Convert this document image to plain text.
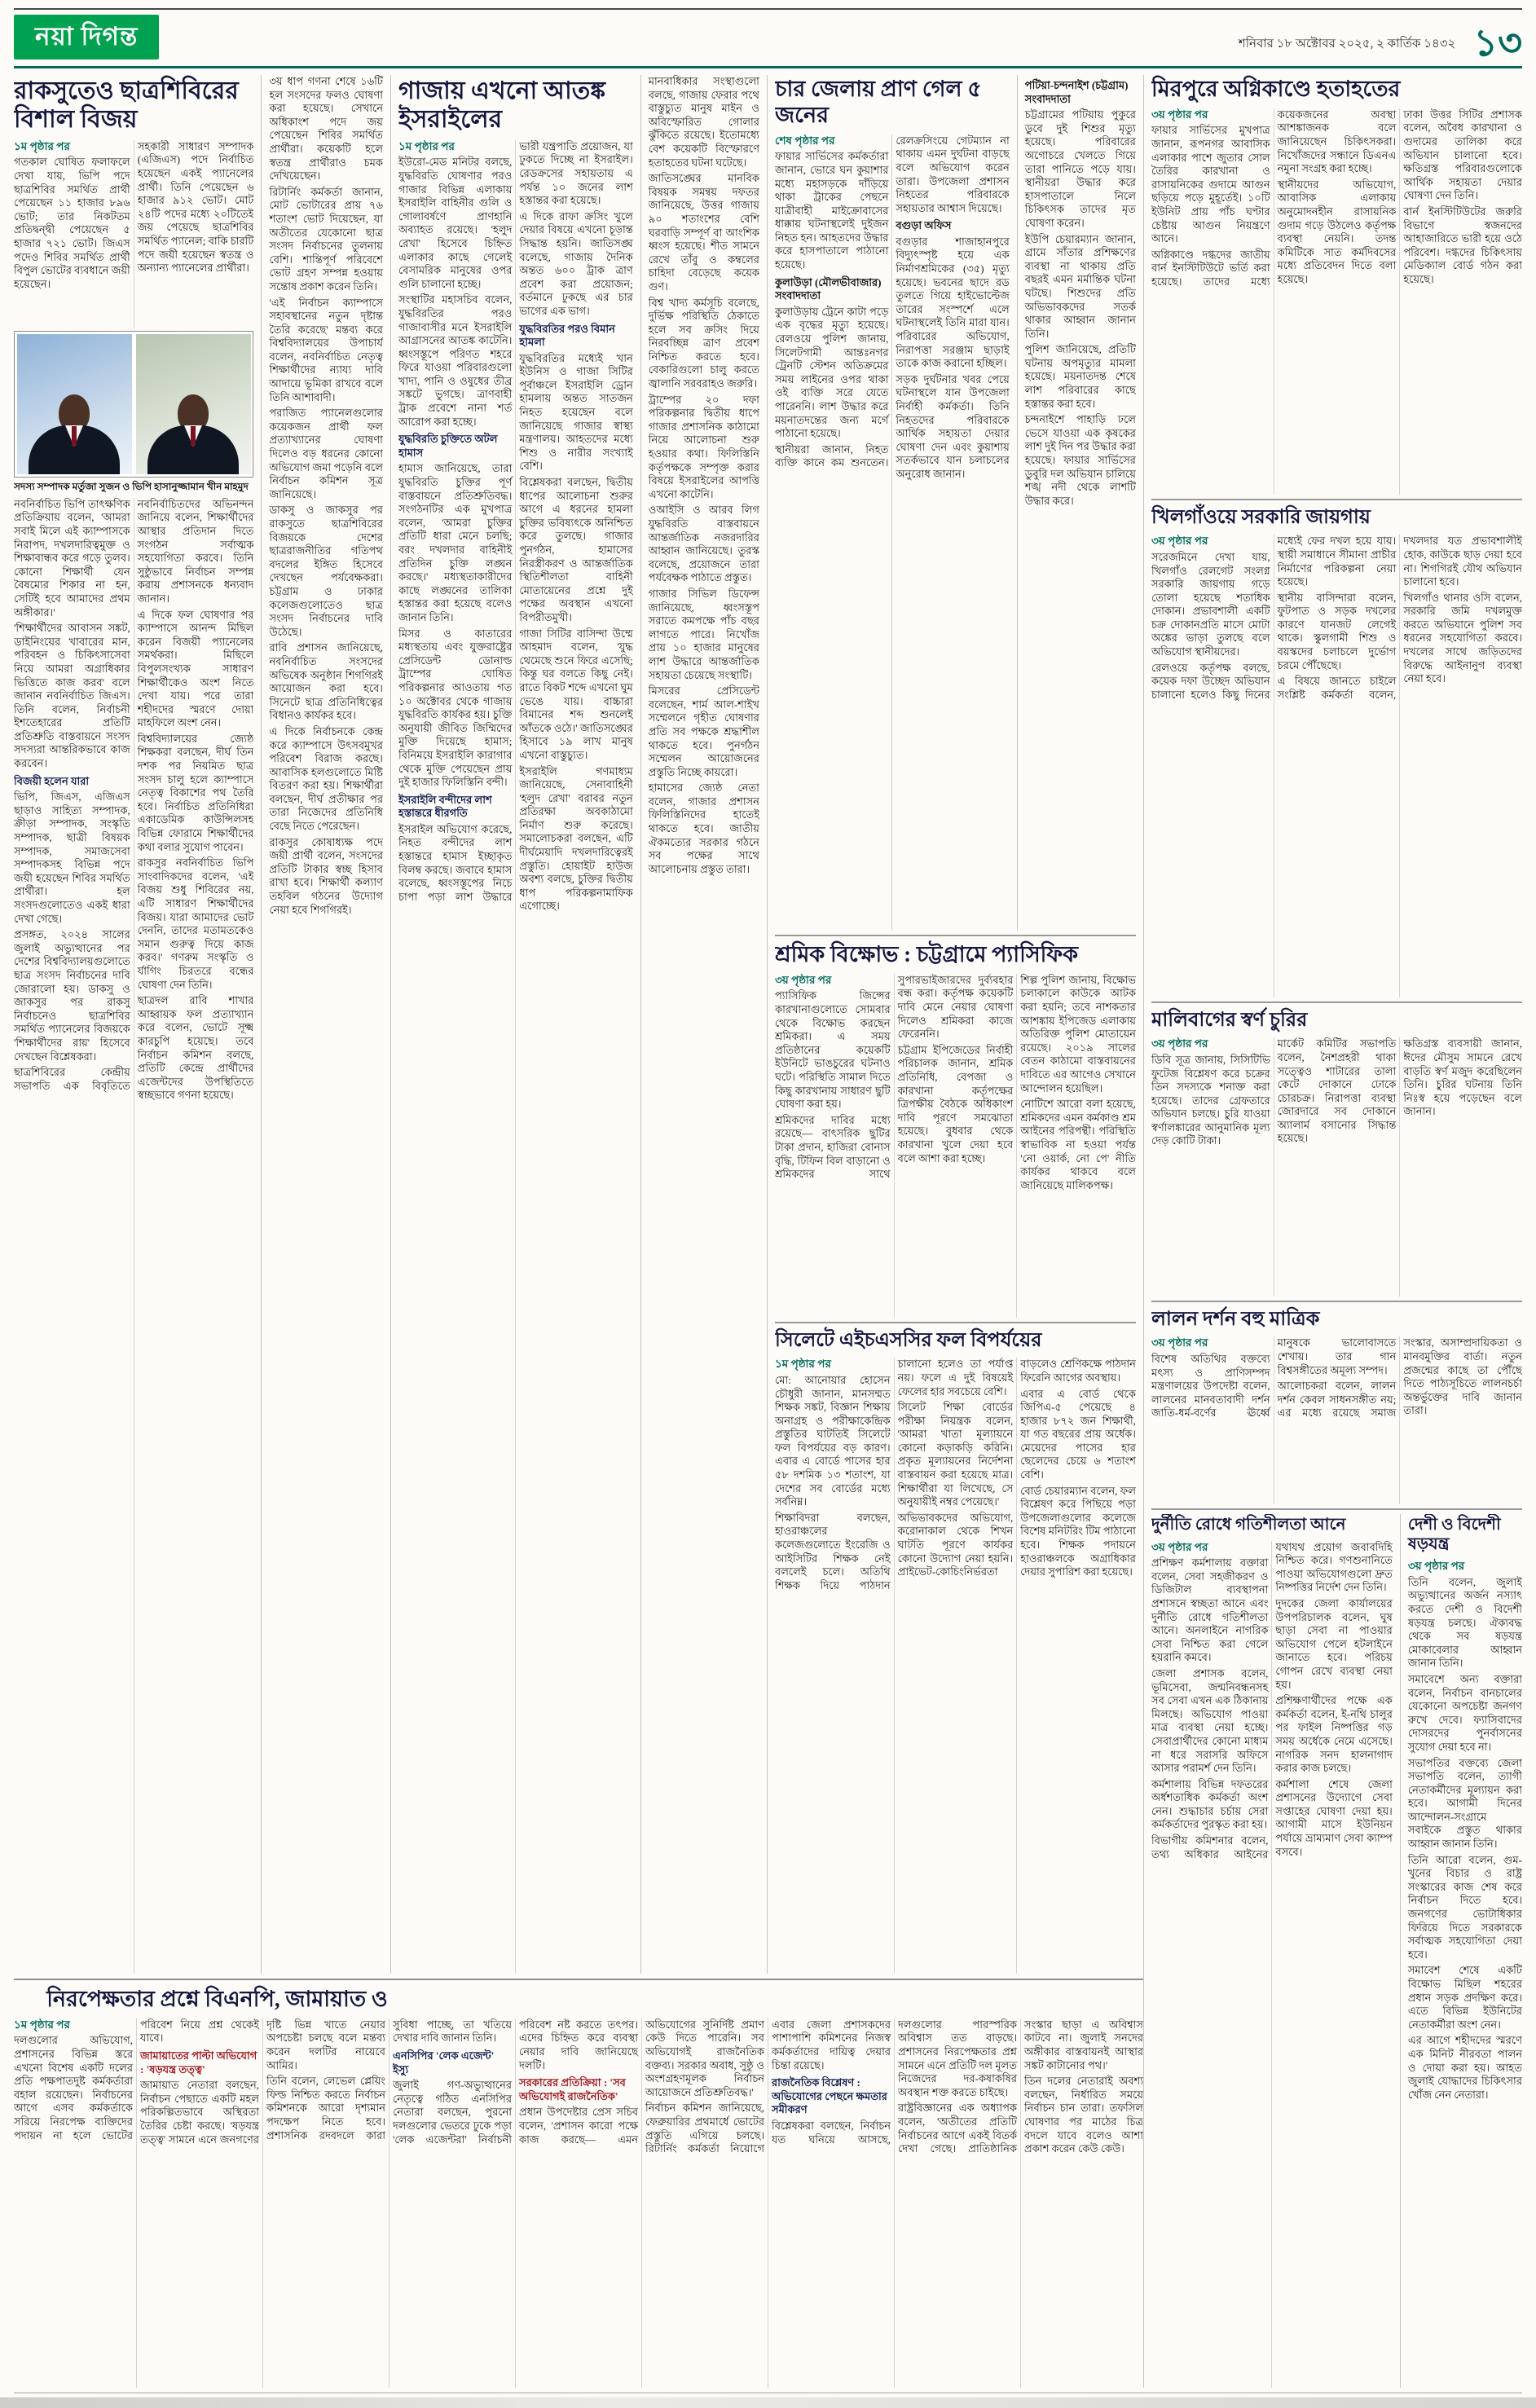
নয়া দিগন্ত	শনিবার ১৮ অক্টোবর ২০২৫, ২ কার্তিক ১৪৩২ ১৩
রাকসুতেও ছাত্রশিবিরের বিশাল বিজয়

১ম পৃষ্ঠার পর

গতকাল ঘোষিত ফলাফলে দেখা যায়, ভিপি পদে ছাত্রশিবির সমর্থিত প্রার্থী পেয়েছেন ১১ হাজার ৮৯৬ ভোট; তার নিকটতম প্রতিদ্বন্দ্বী পেয়েছেন ৫ হাজার ৭২১ ভোট। জিএস পদেও শিবির সমর্থিত প্রার্থী বিপুল ভোটের ব্যবধানে জয়ী হয়েছেন।

সহকারী সাধারণ সম্পাদক (এজিএস) পদে নির্বাচিত হয়েছেন একই প্যানেলের প্রার্থী। তিনি পেয়েছেন ৬ হাজার ৯১২ ভোট। মোট ২৪টি পদের মধ্যে ২০টিতেই জয় পেয়েছে ছাত্রশিবির সমর্থিত প্যানেল; বাকি চারটি পদে জয়ী হয়েছেন স্বতন্ত্র ও অন্যান্য প্যানেলের প্রার্থীরা।

সদস্য সম্পাদক মর্তুজা সুজন ও ভিপি হাসানুজ্জামান খীন মাহমুদ

নবনির্বাচিত ভিপি তাৎক্ষণিক প্রতিক্রিয়ায় বলেন, 'আমরা সবাই মিলে এই ক্যাম্পাসকে নিরাপদ, দখলদারিত্বমুক্ত ও শিক্ষাবান্ধব করে গড়ে তুলব। কোনো শিক্ষার্থী যেন বৈষম্যের শিকার না হন, সেটিই হবে আমাদের প্রথম অঙ্গীকার।'

'শিক্ষার্থীদের আবাসন সঙ্কট, ডাইনিংয়ের খাবারের মান, পরিবহন ও চিকিৎসাসেবা নিয়ে আমরা অগ্রাধিকার ভিত্তিতে কাজ করব' বলে জানান নবনির্বাচিত জিএস। তিনি বলেন, নির্বাচনী ইশতেহারের প্রতিটি প্রতিশ্রুতি বাস্তবায়নে সংসদ সদস্যরা আন্তরিকভাবে কাজ করবেন।

বিজয়ী হলেন যারা

ভিপি, জিএস, এজিএস ছাড়াও সাহিত্য সম্পাদক, ক্রীড়া সম্পাদক, সংস্কৃতি সম্পাদক, ছাত্রী বিষয়ক সম্পাদক, সমাজসেবা সম্পাদকসহ বিভিন্ন পদে জয়ী হয়েছেন শিবির সমর্থিত প্রার্থীরা। হল সংসদগুলোতেও একই ধারা দেখা গেছে।

প্রসঙ্গত, ২০২৪ সালের জুলাই অভ্যুত্থানের পর দেশের বিশ্ববিদ্যালয়গুলোতে ছাত্র সংসদ নির্বাচনের দাবি জোরালো হয়। ডাকসু ও জাকসুর পর রাকসু নির্বাচনেও ছাত্রশিবির সমর্থিত প্যানেলের বিজয়কে 'শিক্ষার্থীদের রায়' হিসেবে দেখছেন বিশ্লেষকরা।

ছাত্রশিবিরের কেন্দ্রীয় সভাপতি এক বিবৃতিতে নবনির্বাচিতদের অভিনন্দন জানিয়ে বলেন, শিক্ষার্থীদের আস্থার প্রতিদান দিতে সংগঠন সর্বাত্মক সহযোগিতা করবে। তিনি সুষ্ঠুভাবে নির্বাচন সম্পন্ন করায় প্রশাসনকে ধন্যবাদ জানান।

এ দিকে ফল ঘোষণার পর ক্যাম্পাসে আনন্দ মিছিল করেন বিজয়ী প্যানেলের সমর্থকরা। মিছিলে বিপুলসংখ্যক সাধারণ শিক্ষার্থীকেও অংশ নিতে দেখা যায়। পরে তারা শহীদদের স্মরণে দোয়া মাহফিলে অংশ নেন।

বিশ্ববিদ্যালয়ের জ্যেষ্ঠ শিক্ষকরা বলছেন, দীর্ঘ তিন দশক পর নিয়মিত ছাত্র সংসদ চালু হলে ক্যাম্পাসে নেতৃত্ব বিকাশের পথ তৈরি হবে। নির্বাচিত প্রতিনিধিরা একাডেমিক কাউন্সিলসহ বিভিন্ন ফোরামে শিক্ষার্থীদের কথা বলার সুযোগ পাবেন।

রাকসুর নবনির্বাচিত ভিপি সাংবাদিকদের বলেন, 'এই বিজয় শুধু শিবিরের নয়, এটি সাধারণ শিক্ষার্থীদের বিজয়। যারা আমাদের ভোট দেননি, তাদের মতামতকেও সমান গুরুত্ব দিয়ে কাজ করব।' গণরুম সংস্কৃতি ও র্যাগিং চিরতরে বন্ধের ঘোষণা দেন তিনি।

ছাত্রদল রাবি শাখার আহ্বায়ক ফল প্রত্যাখ্যান করে বলেন, ভোটে সূক্ষ্ম কারচুপি হয়েছে। তবে নির্বাচন কমিশন বলছে, প্রতিটি কেন্দ্রে প্রার্থীদের এজেন্টদের উপস্থিতিতে স্বচ্ছভাবে গণনা হয়েছে।

৩য় ধাপ গণনা শেষে ১৬টি হল সংসদের ফলও ঘোষণা করা হয়েছে। সেখানে অধিকাংশ পদে জয় পেয়েছেন শিবির সমর্থিত প্রার্থীরা। কয়েকটি হলে স্বতন্ত্র প্রার্থীরাও চমক দেখিয়েছেন।

রিটার্নিং কর্মকর্তা জানান, মোট ভোটারের প্রায় ৭৬ শতাংশ ভোট দিয়েছেন, যা অতীতের যেকোনো ছাত্র সংসদ নির্বাচনের তুলনায় বেশি। শান্তিপূর্ণ পরিবেশে ভোট গ্রহণ সম্পন্ন হওয়ায় সন্তোষ প্রকাশ করেন তিনি।

'এই নির্বাচন ক্যাম্পাসে সহাবস্থানের নতুন দৃষ্টান্ত তৈরি করেছে' মন্তব্য করে বিশ্ববিদ্যালয়ের উপাচার্য বলেন, নবনির্বাচিত নেতৃত্ব শিক্ষার্থীদের ন্যায্য দাবি আদায়ে ভূমিকা রাখবে বলে তিনি আশাবাদী।

পরাজিত প্যানেলগুলোর কয়েকজন প্রার্থী ফল প্রত্যাখ্যানের ঘোষণা দিলেও বড় ধরনের কোনো অভিযোগ জমা পড়েনি বলে নির্বাচন কমিশন সূত্র জানিয়েছে।

ডাকসু ও জাকসুর পর রাকসুতে ছাত্রশিবিরের বিজয়কে দেশের ছাত্ররাজনীতির গতিপথ বদলের ইঙ্গিত হিসেবে দেখছেন পর্যবেক্ষকরা। চট্টগ্রাম ও ঢাকার কলেজগুলোতেও ছাত্র সংসদ নির্বাচনের দাবি উঠেছে।

রাবি প্রশাসন জানিয়েছে, নবনির্বাচিত সংসদের অভিষেক অনুষ্ঠান শিগগিরই আয়োজন করা হবে। সিনেটে ছাত্র প্রতিনিধিত্বের বিধানও কার্যকর হবে।

এ দিকে নির্বাচনকে কেন্দ্র করে ক্যাম্পাসে উৎসবমুখর পরিবেশ বিরাজ করছে। আবাসিক হলগুলোতে মিষ্টি বিতরণ করা হয়। শিক্ষার্থীরা বলছেন, দীর্ঘ প্রতীক্ষার পর তারা নিজেদের প্রতিনিধি বেছে নিতে পেরেছেন।

রাকসুর কোষাধ্যক্ষ পদে জয়ী প্রার্থী বলেন, সংসদের প্রতিটি টাকার স্বচ্ছ হিসাব রাখা হবে। শিক্ষার্থী কল্যাণ তহবিল গঠনের উদ্যোগ নেয়া হবে শিগগিরই।

গাজায় এখনো আতঙ্ক ইসরাইলের

১ম পৃষ্ঠার পর

ইউরো-মেড মনিটর বলছে, যুদ্ধবিরতি ঘোষণার পরও গাজার বিভিন্ন এলাকায় ইসরাইলি বাহিনীর গুলি ও গোলাবর্ষণে প্রাণহানি অব্যাহত রয়েছে। 'হলুদ রেখা' হিসেবে চিহ্নিত এলাকার কাছে গেলেই বেসামরিক মানুষের ওপর গুলি চালানো হচ্ছে।

সংস্থাটির মহাসচিব বলেন, যুদ্ধবিরতির পরও গাজাবাসীর মনে ইসরাইলি আগ্রাসনের আতঙ্ক কাটেনি। ধ্বংসস্তূপে পরিণত শহরে ফিরে যাওয়া পরিবারগুলো খাদ্য, পানি ও ওষুধের তীব্র সঙ্কটে ভুগছে। ত্রাণবাহী ট্রাক প্রবেশে নানা শর্ত আরোপ করা হচ্ছে।

যুদ্ধবিরতি চুক্তিতে অটল হামাস

হামাস জানিয়েছে, তারা যুদ্ধবিরতি চুক্তির পূর্ণ বাস্তবায়নে প্রতিশ্রুতিবদ্ধ। সংগঠনটির এক মুখপাত্র বলেন, 'আমরা চুক্তির প্রতিটি ধারা মেনে চলছি; বরং দখলদার বাহিনীই প্রতিদিন চুক্তি লঙ্ঘন করছে।' মধ্যস্থতাকারীদের কাছে লঙ্ঘনের তালিকা হস্তান্তর করা হয়েছে বলেও জানান তিনি।

মিসর ও কাতারের মধ্যস্থতায় এবং যুক্তরাষ্ট্রের প্রেসিডেন্ট ডোনাল্ড ট্রাম্পের ঘোষিত পরিকল্পনার আওতায় গত ১০ অক্টোবর থেকে গাজায় যুদ্ধবিরতি কার্যকর হয়। চুক্তি অনুযায়ী জীবিত জিম্মিদের মুক্তি দিয়েছে হামাস; বিনিময়ে ইসরাইলি কারাগার থেকে মুক্তি পেয়েছেন প্রায় দুই হাজার ফিলিস্তিনি বন্দী।

ইসরাইলি বন্দীদের লাশ হস্তান্তরে ধীরগতি

ইসরাইল অভিযোগ করেছে, নিহত বন্দীদের লাশ হস্তান্তরে হামাস ইচ্ছাকৃত বিলম্ব করছে। জবাবে হামাস বলেছে, ধ্বংসস্তূপের নিচে চাপা পড়া লাশ উদ্ধারে ভারী যন্ত্রপাতি প্রয়োজন, যা ঢুকতে দিচ্ছে না ইসরাইল। রেডক্রসের সহায়তায় এ পর্যন্ত ১০ জনের লাশ হস্তান্তর করা হয়েছে।

এ দিকে রাফা ক্রসিং খুলে দেয়ার বিষয়ে এখনো চূড়ান্ত সিদ্ধান্ত হয়নি। জাতিসঙ্ঘ বলেছে, গাজায় দৈনিক অন্তত ৬০০ ট্রাক ত্রাণ প্রবেশ করা প্রয়োজন; বর্তমানে ঢুকছে এর চার ভাগের এক ভাগ।

যুদ্ধবিরতির পরও বিমান হামলা

যুদ্ধবিরতির মধ্যেই খান ইউনিস ও গাজা সিটির পূর্বাঞ্চলে ইসরাইলি ড্রোন হামলায় অন্তত সাতজন নিহত হয়েছেন বলে জানিয়েছে গাজার স্বাস্থ্য মন্ত্রণালয়। আহতদের মধ্যে শিশু ও নারীর সংখ্যাই বেশি।

বিশ্লেষকরা বলছেন, দ্বিতীয় ধাপের আলোচনা শুরুর আগে এ ধরনের হামলা চুক্তির ভবিষ্যৎকে অনিশ্চিত করে তুলছে। গাজার পুনর্গঠন, হামাসের নিরস্ত্রীকরণ ও আন্তর্জাতিক স্থিতিশীলতা বাহিনী মোতায়েনের প্রশ্নে দুই পক্ষের অবস্থান এখনো বিপরীতমুখী।

গাজা সিটির বাসিন্দা উম্মে আহমাদ বলেন, 'যুদ্ধ থেমেছে শুনে ফিরে এসেছি; কিন্তু ঘর বলতে কিছু নেই। রাতে বিকট শব্দে এখনো ঘুম ভেঙে যায়। বাচ্চারা বিমানের শব্দ শুনলেই আঁতকে ওঠে।' জাতিসঙ্ঘের হিসাবে ১৯ লাখ মানুষ এখনো বাস্তুচ্যুত।

ইসরাইলি গণমাধ্যম জানিয়েছে, সেনাবাহিনী 'হলুদ রেখা' বরাবর নতুন প্রতিরক্ষা অবকাঠামো নির্মাণ শুরু করেছে। সমালোচকরা বলছেন, এটি দীর্ঘমেয়াদি দখলদারিত্বেরই প্রস্তুতি। হোয়াইট হাউজ অবশ্য বলছে, চুক্তির দ্বিতীয় ধাপ পরিকল্পনামাফিক এগোচ্ছে।

মানবাধিকার সংস্থাগুলো বলছে, গাজায় ফেরার পথে বাস্তুচ্যুত মানুষ মাইন ও অবিস্ফোরিত গোলার ঝুঁকিতে রয়েছে। ইতোমধ্যে বেশ কয়েকটি বিস্ফোরণে হতাহতের ঘটনা ঘটেছে।

জাতিসঙ্ঘের মানবিক বিষয়ক সমন্বয় দফতর জানিয়েছে, উত্তর গাজায় ৯০ শতাংশের বেশি ঘরবাড়ি সম্পূর্ণ বা আংশিক ধ্বংস হয়েছে। শীত সামনে রেখে তাঁবু ও কম্বলের চাহিদা বেড়েছে কয়েক গুণ।

বিশ্ব খাদ্য কর্মসূচি বলেছে, দুর্ভিক্ষ পরিস্থিতি ঠেকাতে হলে সব ক্রসিং দিয়ে নিরবচ্ছিন্ন ত্রাণ প্রবেশ নিশ্চিত করতে হবে। বেকারিগুলো চালু করতে জ্বালানি সরবরাহও জরুরি।

ট্রাম্পের ২০ দফা পরিকল্পনার দ্বিতীয় ধাপে গাজার প্রশাসনিক কাঠামো নিয়ে আলোচনা শুরু হওয়ার কথা। ফিলিস্তিনি কর্তৃপক্ষকে সম্পৃক্ত করার বিষয়ে ইসরাইলের আপত্তি এখনো কাটেনি।

ওআইসি ও আরব লিগ যুদ্ধবিরতি বাস্তবায়নে আন্তর্জাতিক নজরদারির আহ্বান জানিয়েছে। তুরস্ক বলেছে, প্রয়োজনে তারা পর্যবেক্ষক পাঠাতে প্রস্তুত।

গাজার সিভিল ডিফেন্স জানিয়েছে, ধ্বংসস্তূপ সরাতে কমপক্ষে পাঁচ বছর লাগতে পারে। নিখোঁজ প্রায় ১০ হাজার মানুষের লাশ উদ্ধারে আন্তর্জাতিক সহায়তা চেয়েছে সংস্থাটি।

মিসরের প্রেসিডেন্ট বলেছেন, শার্ম আল-শাইখ সম্মেলনে গৃহীত ঘোষণার প্রতি সব পক্ষকে শ্রদ্ধাশীল থাকতে হবে। পুনর্গঠন সম্মেলন আয়োজনের প্রস্তুতি নিচ্ছে কায়রো।

হামাসের জ্যেষ্ঠ নেতা বলেন, গাজার প্রশাসন ফিলিস্তিনিদের হাতেই থাকতে হবে। জাতীয় ঐকমত্যের সরকার গঠনে সব পক্ষের সাথে আলোচনায় প্রস্তুত তারা।

চার জেলায় প্রাণ গেল ৫ জনের

শেষ পৃষ্ঠার পর

ফায়ার সার্ভিসের কর্মকর্তারা জানান, ভোরে ঘন কুয়াশার মধ্যে মহাসড়কে দাঁড়িয়ে থাকা ট্রাকের পেছনে যাত্রীবাহী মাইক্রোবাসের ধাক্কায় ঘটনাস্থলেই দুইজন নিহত হন। আহতদের উদ্ধার করে হাসপাতালে পাঠানো হয়েছে।

কুলাউড়া (মৌলভীবাজার) সংবাদদাতা

কুলাউড়ায় ট্রেনে কাটা পড়ে এক বৃদ্ধের মৃত্যু হয়েছে। রেলওয়ে পুলিশ জানায়, সিলেটগামী আন্তঃনগর ট্রেনটি স্টেশন অতিক্রমের সময় লাইনের ওপর থাকা ওই ব্যক্তি সরে যেতে পারেননি। লাশ উদ্ধার করে ময়নাতদন্তের জন্য মর্গে পাঠানো হয়েছে।

স্থানীয়রা জানান, নিহত ব্যক্তি কানে কম শুনতেন। রেলক্রসিংয়ে গেটম্যান না থাকায় এমন দুর্ঘটনা বাড়ছে বলে অভিযোগ করেন তারা। উপজেলা প্রশাসন নিহতের পরিবারকে সহায়তার আশ্বাস দিয়েছে।

বগুড়া অফিস

বগুড়ার শাজাহানপুরে বিদ্যুৎস্পৃষ্ট হয়ে এক নির্মাণশ্রমিকের (৩৫) মৃত্যু হয়েছে। ভবনের ছাদে রড তুলতে গিয়ে হাইভোল্টেজ তারের সংস্পর্শে এলে ঘটনাস্থলেই তিনি মারা যান। পরিবারের অভিযোগ, নিরাপত্তা সরঞ্জাম ছাড়াই তাকে কাজ করানো হচ্ছিল।

সড়ক দুর্ঘটনার খবর পেয়ে ঘটনাস্থলে যান উপজেলা নির্বাহী কর্মকর্তা। তিনি নিহতদের পরিবারকে আর্থিক সহায়তা দেয়ার ঘোষণা দেন এবং কুয়াশায় সতর্কভাবে যান চলাচলের অনুরোধ জানান।

পটিয়া-চন্দনাইশ (চট্টগ্রাম) সংবাদদাতা

চট্টগ্রামের পটিয়ায় পুকুরে ডুবে দুই শিশুর মৃত্যু হয়েছে। পরিবারের অগোচরে খেলতে গিয়ে তারা পানিতে পড়ে যায়। স্থানীয়রা উদ্ধার করে হাসপাতালে নিলে চিকিৎসক তাদের মৃত ঘোষণা করেন।

ইউপি চেয়ারম্যান জানান, গ্রামে সাঁতার প্রশিক্ষণের ব্যবস্থা না থাকায় প্রতি বছরই এমন মর্মান্তিক ঘটনা ঘটছে। শিশুদের প্রতি অভিভাবকদের সতর্ক থাকার আহ্বান জানান তিনি।

পুলিশ জানিয়েছে, প্রতিটি ঘটনায় অপমৃত্যুর মামলা হয়েছে। ময়নাতদন্ত শেষে লাশ পরিবারের কাছে হস্তান্তর করা হবে।

চন্দনাইশে পাহাড়ি ঢলে ভেসে যাওয়া এক কৃষকের লাশ দুই দিন পর উদ্ধার করা হয়েছে। ফায়ার সার্ভিসের ডুবুরি দল অভিযান চালিয়ে শঙ্খ নদী থেকে লাশটি উদ্ধার করে।

শ্রমিক বিক্ষোভ : চট্টগ্রামে প্যাসিফিক

৩য় পৃষ্ঠার পর

প্যাসিফিক জিন্সের কারখানাগুলোতে সোমবার থেকে বিক্ষোভ করছেন শ্রমিকরা। এ সময় প্রতিষ্ঠানের কয়েকটি ইউনিটে ভাঙচুরের ঘটনাও ঘটে। পরিস্থিতি সামাল দিতে কিছু কারখানায় সাধারণ ছুটি ঘোষণা করা হয়।

শ্রমিকদের দাবির মধ্যে রয়েছে— বাৎসরিক ছুটির টাকা প্রদান, হাজিরা বোনাস বৃদ্ধি, টিফিন বিল বাড়ানো ও শ্রমিকদের সাথে সুপারভাইজারদের দুর্ব্যবহার বন্ধ করা। কর্তৃপক্ষ কয়েকটি দাবি মেনে নেয়ার ঘোষণা দিলেও শ্রমিকরা কাজে ফেরেননি।

চট্টগ্রাম ইপিজেডের নির্বাহী পরিচালক জানান, শ্রমিক প্রতিনিধি, বেপজা ও কারখানা কর্তৃপক্ষের ত্রিপক্ষীয় বৈঠকে অধিকাংশ দাবি পূরণে সমঝোতা হয়েছে। বুধবার থেকে কারখানা খুলে দেয়া হবে বলে আশা করা হচ্ছে।

শিল্প পুলিশ জানায়, বিক্ষোভ চলাকালে কাউকে আটক করা হয়নি; তবে নাশকতার আশঙ্কায় ইপিজেড এলাকায় অতিরিক্ত পুলিশ মোতায়েন রয়েছে। ২০১৯ সালের বেতন কাঠামো বাস্তবায়নের দাবিতে এর আগেও সেখানে আন্দোলন হয়েছিল।

নোটিশে আরো বলা হয়েছে, শ্রমিকদের এমন কর্মকাণ্ড শ্রম আইনের পরিপন্থী। পরিস্থিতি স্বাভাবিক না হওয়া পর্যন্ত 'নো ওয়ার্ক, নো পে' নীতি কার্যকর থাকবে বলে জানিয়েছে মালিকপক্ষ।

সিলেটে এইচএসসির ফল বিপর্যয়ের

১ম পৃষ্ঠার পর

মো: আনোয়ার হোসেন চৌধুরী জানান, মানসম্মত শিক্ষক সঙ্কট, বিজ্ঞান শিক্ষায় অনাগ্রহ ও পরীক্ষাকেন্দ্রিক প্রস্তুতির ঘাটতিই সিলেটে ফল বিপর্যয়ের বড় কারণ। এবার এ বোর্ডে পাসের হার ৫৮ দশমিক ১৩ শতাংশ, যা দেশের সব বোর্ডের মধ্যে সর্বনিম্ন।

শিক্ষাবিদরা বলছেন, হাওরাঞ্চলের কলেজগুলোতে ইংরেজি ও আইসিটির শিক্ষক নেই বললেই চলে। অতিথি শিক্ষক দিয়ে পাঠদান চালানো হলেও তা পর্যাপ্ত নয়। ফলে এ দুই বিষয়েই ফেলের হার সবচেয়ে বেশি।

সিলেট শিক্ষা বোর্ডের পরীক্ষা নিয়ন্ত্রক বলেন, 'আমরা খাতা মূল্যায়নে কোনো কড়াকড়ি করিনি। প্রকৃত মূল্যায়নের নির্দেশনা বাস্তবায়ন করা হয়েছে মাত্র। শিক্ষার্থীরা যা লিখেছে, সে অনুযায়ীই নম্বর পেয়েছে।'

অভিভাবকদের অভিযোগ, করোনাকাল থেকে শিখন ঘাটতি পূরণে কার্যকর কোনো উদ্যোগ নেয়া হয়নি। প্রাইভেট-কোচিংনির্ভরতা বাড়লেও শ্রেণিকক্ষে পাঠদান ফিরেনি আগের অবস্থায়।

এবার এ বোর্ড থেকে জিপিএ-৫ পেয়েছে ৪ হাজার ৮৭২ জন শিক্ষার্থী, যা গত বছরের প্রায় অর্ধেক। মেয়েদের পাসের হার ছেলেদের চেয়ে ৬ শতাংশ বেশি।

বোর্ড চেয়ারম্যান বলেন, ফল বিশ্লেষণ করে পিছিয়ে পড়া উপজেলাগুলোর কলেজে বিশেষ মনিটরিং টিম পাঠানো হবে। শিক্ষক পদায়নে হাওরাঞ্চলকে অগ্রাধিকার দেয়ার সুপারিশ করা হয়েছে।

নিরপেক্ষতার প্রশ্নে বিএনপি, জামায়াত ও

১ম পৃষ্ঠার পর

দলগুলোর অভিযোগ, প্রশাসনের বিভিন্ন স্তরে এখনো বিশেষ একটি দলের প্রতি পক্ষপাতদুষ্ট কর্মকর্তারা বহাল রয়েছেন। নির্বাচনের আগে এসব কর্মকর্তাকে সরিয়ে নিরপেক্ষ ব্যক্তিদের পদায়ন না হলে ভোটের পরিবেশ নিয়ে প্রশ্ন থেকেই যাবে।

জামায়াতের পাল্টা অভিযোগ : 'ষড়যন্ত্র তত্ত্ব'

জামায়াত নেতারা বলছেন, নির্বাচন পেছাতে একটি মহল পরিকল্পিতভাবে অস্থিরতা তৈরির চেষ্টা করছে। 'ষড়যন্ত্র তত্ত্ব' সামনে এনে জনগণের দৃষ্টি ভিন্ন খাতে নেয়ার অপচেষ্টা চলছে বলে মন্তব্য করেন দলটির নায়েবে আমির।

তিনি বলেন, লেভেল প্লেয়িং ফিল্ড নিশ্চিত করতে নির্বাচন কমিশনকে আরো দৃশ্যমান পদক্ষেপ নিতে হবে। প্রশাসনিক রদবদলে কারা সুবিধা পাচ্ছে, তা খতিয়ে দেখার দাবি জানান তিনি।

এনসিপির 'লেক এজেন্ট' ইস্যু

জুলাই গণ-অভ্যুত্থানের নেতৃত্বে গঠিত এনসিপির নেতারা বলছেন, পুরনো দলগুলোর ভেতরে ঢুকে পড়া 'লেক এজেন্টরা' নির্বাচনী পরিবেশ নষ্ট করতে তৎপর। এদের চিহ্নিত করে ব্যবস্থা নেয়ার দাবি জানিয়েছে দলটি।

সরকারের প্রতিক্রিয়া : 'সব অভিযোগই রাজনৈতিক'

প্রধান উপদেষ্টার প্রেস সচিব বলেন, 'প্রশাসন কারো পক্ষে কাজ করছে— এমন অভিযোগের সুনির্দিষ্ট প্রমাণ কেউ দিতে পারেনি। সব অভিযোগই রাজনৈতিক বক্তব্য। সরকার অবাধ, সুষ্ঠু ও অংশগ্রহণমূলক নির্বাচন আয়োজনে প্রতিশ্রুতিবদ্ধ।'

নির্বাচন কমিশন জানিয়েছে, ফেব্রুয়ারির প্রথমার্ধে ভোটের প্রস্তুতি এগিয়ে চলছে। রিটার্নিং কর্মকর্তা নিয়োগে এবার জেলা প্রশাসকদের পাশাপাশি কমিশনের নিজস্ব কর্মকর্তাদের দায়িত্ব দেয়ার চিন্তা রয়েছে।

রাজনৈতিক বিশ্লেষণ : অভিযোগের পেছনে ক্ষমতার সমীকরণ

বিশ্লেষকরা বলছেন, নির্বাচন যত ঘনিয়ে আসছে, দলগুলোর পারস্পরিক অবিশ্বাস তত বাড়ছে। প্রশাসনের নিরপেক্ষতার প্রশ্ন সামনে এনে প্রতিটি দল মূলত নিজেদের দর-কষাকষির অবস্থান শক্ত করতে চাইছে।

রাষ্ট্রবিজ্ঞানের এক অধ্যাপক বলেন, 'অতীতের প্রতিটি নির্বাচনের আগে একই বিতর্ক দেখা গেছে। প্রাতিষ্ঠানিক সংস্কার ছাড়া এ অবিশ্বাস কাটবে না। জুলাই সনদের অঙ্গীকার বাস্তবায়নই আস্থার সঙ্কট কাটানোর পথ।'

তিন দলের নেতারাই অবশ্য বলছেন, নির্ধারিত সময়ে নির্বাচন চান তারা। তফসিল ঘোষণার পর মাঠের চিত্র বদলে যাবে বলেও আশা প্রকাশ করেন কেউ কেউ।

মিরপুরে অগ্নিকাণ্ডে হতাহতের

৩য় পৃষ্ঠার পর

ফায়ার সার্ভিসের মুখপাত্র জানান, রূপনগর আবাসিক এলাকার পাশে জুতার সোল তৈরির কারখানা ও রাসায়নিকের গুদামে আগুন ছড়িয়ে পড়ে মুহূর্তেই। ১০টি ইউনিট প্রায় পাঁচ ঘণ্টার চেষ্টায় আগুন নিয়ন্ত্রণে আনে।

অগ্নিকাণ্ডে দগ্ধদের জাতীয় বার্ন ইনস্টিটিউটে ভর্তি করা হয়েছে। তাদের মধ্যে কয়েকজনের অবস্থা আশঙ্কাজনক বলে জানিয়েছেন চিকিৎসকরা। নিখোঁজদের সন্ধানে ডিএনএ নমুনা সংগ্রহ করা হচ্ছে।

স্থানীয়দের অভিযোগ, আবাসিক এলাকায় অনুমোদনহীন রাসায়নিক গুদাম গড়ে উঠলেও কর্তৃপক্ষ ব্যবস্থা নেয়নি। তদন্ত কমিটিকে সাত কর্মদিবসের মধ্যে প্রতিবেদন দিতে বলা হয়েছে।

ঢাকা উত্তর সিটির প্রশাসক বলেন, অবৈধ কারখানা ও গুদামের তালিকা করে অভিযান চালানো হবে। ক্ষতিগ্রস্ত পরিবারগুলোকে আর্থিক সহায়তা দেয়ার ঘোষণা দেন তিনি।

বার্ন ইনস্টিটিউটের জরুরি বিভাগে স্বজনদের আহাজারিতে ভারী হয়ে ওঠে পরিবেশ। দগ্ধদের চিকিৎসায় মেডিক্যাল বোর্ড গঠন করা হয়েছে।

খিলগাঁওয়ে সরকারি জায়গায়

৩য় পৃষ্ঠার পর

সরেজমিনে দেখা যায়, খিলগাঁও রেলগেট সংলগ্ন সরকারি জায়গায় গড়ে তোলা হয়েছে শতাধিক দোকান। প্রভাবশালী একটি চক্র দোকানপ্রতি মাসে মোটা অঙ্কের ভাড়া তুলছে বলে অভিযোগ স্থানীয়দের।

রেলওয়ে কর্তৃপক্ষ বলছে, কয়েক দফা উচ্ছেদ অভিযান চালানো হলেও কিছু দিনের মধ্যেই ফের দখল হয়ে যায়। স্থায়ী সমাধানে সীমানা প্রাচীর নির্মাণের পরিকল্পনা নেয়া হয়েছে।

স্থানীয় বাসিন্দারা বলেন, ফুটপাত ও সড়ক দখলের কারণে যানজট লেগেই থাকে। স্কুলগামী শিশু ও বয়স্কদের চলাচলে দুর্ভোগ চরমে পৌঁছেছে।

এ বিষয়ে জানতে চাইলে সংশ্লিষ্ট কর্মকর্তা বলেন, দখলদার যত প্রভাবশালীই হোক, কাউকে ছাড় দেয়া হবে না। শিগগিরই যৌথ অভিযান চালানো হবে।

খিলগাঁও থানার ওসি বলেন, সরকারি জমি দখলমুক্ত করতে অভিযানে পুলিশ সব ধরনের সহযোগিতা করবে। দখলের সাথে জড়িতদের বিরুদ্ধে আইনানুগ ব্যবস্থা নেয়া হবে।

মালিবাগের স্বর্ণ চুরির

৩য় পৃষ্ঠার পর

ডিবি সূত্র জানায়, সিসিটিভি ফুটেজ বিশ্লেষণ করে চক্রের তিন সদস্যকে শনাক্ত করা হয়েছে। তাদের গ্রেফতারে অভিযান চলছে। চুরি যাওয়া স্বর্ণালঙ্কারের আনুমানিক মূল্য দেড় কোটি টাকা।

মার্কেট কমিটির সভাপতি বলেন, নৈশপ্রহরী থাকা সত্ত্বেও শাটারের তালা কেটে দোকানে ঢোকে চোরচক্র। নিরাপত্তা ব্যবস্থা জোরদারে সব দোকানে অ্যালার্ম বসানোর সিদ্ধান্ত হয়েছে।

ক্ষতিগ্রস্ত ব্যবসায়ী জানান, ঈদের মৌসুম সামনে রেখে বাড়তি স্বর্ণ মজুদ করেছিলেন তিনি। চুরির ঘটনায় তিনি নিঃস্ব হয়ে পড়েছেন বলে জানান।

লালন দর্শন বহু মাত্রিক

৩য় পৃষ্ঠার পর

বিশেষ অতিথির বক্তব্যে মৎস্য ও প্রাণিসম্পদ মন্ত্রণালয়ের উপদেষ্টা বলেন, লালনের মানবতাবাদী দর্শন জাতি-ধর্ম-বর্ণের ঊর্ধ্বে মানুষকে ভালোবাসতে শেখায়। তার গান বিশ্বসঙ্গীতের অমূল্য সম্পদ।

আলোচকরা বলেন, লালন দর্শন কেবল সাধনসঙ্গীত নয়; এর মধ্যে রয়েছে সমাজ সংস্কার, অসাম্প্রদায়িকতা ও মানবমুক্তির বার্তা। নতুন প্রজন্মের কাছে তা পৌঁছে দিতে পাঠ্যসূচিতে লালনচর্চা অন্তর্ভুক্তের দাবি জানান তারা।

দুর্নীতি রোধে গতিশীলতা আনে

৩য় পৃষ্ঠার পর

প্রশিক্ষণ কর্মশালায় বক্তারা বলেন, সেবা সহজীকরণ ও ডিজিটাল ব্যবস্থাপনা প্রশাসনে স্বচ্ছতা আনে এবং দুর্নীতি রোধে গতিশীলতা আনে। অনলাইনে নাগরিক সেবা নিশ্চিত করা গেলে হয়রানি কমবে।

জেলা প্রশাসক বলেন, ভূমিসেবা, জন্মনিবন্ধনসহ সব সেবা এখন এক ঠিকানায় মিলছে। অভিযোগ পাওয়া মাত্র ব্যবস্থা নেয়া হচ্ছে। সেবাপ্রার্থীদের কোনো মাধ্যম না ধরে সরাসরি অফিসে আসার পরামর্শ দেন তিনি।

কর্মশালায় বিভিন্ন দফতরের অর্ধশতাধিক কর্মকর্তা অংশ নেন। শুদ্ধাচার চর্চায় সেরা কর্মকর্তাদের পুরস্কৃত করা হয়।

বিভাগীয় কমিশনার বলেন, তথ্য অধিকার আইনের যথাযথ প্রয়োগ জবাবদিহি নিশ্চিত করে। গণশুনানিতে পাওয়া অভিযোগগুলো দ্রুত নিষ্পত্তির নির্দেশ দেন তিনি।

দুদকের জেলা কার্যালয়ের উপপরিচালক বলেন, ঘুষ ছাড়া সেবা না পাওয়ার অভিযোগ পেলে হটলাইনে জানাতে হবে। পরিচয় গোপন রেখে ব্যবস্থা নেয়া হয়।

প্রশিক্ষণার্থীদের পক্ষে এক কর্মকর্তা বলেন, ই-নথি চালুর পর ফাইল নিষ্পত্তির গড় সময় অর্ধেকে নেমে এসেছে। নাগরিক সনদ হালনাগাদ করার কাজ চলছে।

কর্মশালা শেষে জেলা প্রশাসনের উদ্যোগে সেবা সপ্তাহের ঘোষণা দেয়া হয়। আগামী মাসে ইউনিয়ন পর্যায়ে ভ্রাম্যমাণ সেবা ক্যাম্প বসবে।

দেশী ও বিদেশী ষড়যন্ত্র

৩য় পৃষ্ঠার পর

তিনি বলেন, জুলাই অভ্যুত্থানের অর্জন নস্যাৎ করতে দেশী ও বিদেশী ষড়যন্ত্র চলছে। ঐক্যবদ্ধ থেকে সব ষড়যন্ত্র মোকাবেলার আহ্বান জানান তিনি।

সমাবেশে অন্য বক্তারা বলেন, নির্বাচন বানচালের যেকোনো অপচেষ্টা জনগণ রুখে দেবে। ফ্যাসিবাদের দোসরদের পুনর্বাসনের সুযোগ দেয়া হবে না।

সভাপতির বক্তব্যে জেলা সভাপতি বলেন, ত্যাগী নেতাকর্মীদের মূল্যায়ন করা হবে। আগামী দিনের আন্দোলন-সংগ্রামে সবাইকে প্রস্তুত থাকার আহ্বান জানান তিনি।

তিনি আরো বলেন, গুম-খুনের বিচার ও রাষ্ট্র সংস্কারের কাজ শেষ করে নির্বাচন দিতে হবে। জনগণের ভোটাধিকার ফিরিয়ে দিতে সরকারকে সর্বাত্মক সহযোগিতা দেয়া হবে।

সমাবেশ শেষে একটি বিক্ষোভ মিছিল শহরের প্রধান সড়ক প্রদক্ষিণ করে। এতে বিভিন্ন ইউনিটের নেতাকর্মীরা অংশ নেন।

এর আগে শহীদদের স্মরণে এক মিনিট নীরবতা পালন ও দোয়া করা হয়। আহত জুলাই যোদ্ধাদের চিকিৎসার খোঁজ নেন নেতারা।
